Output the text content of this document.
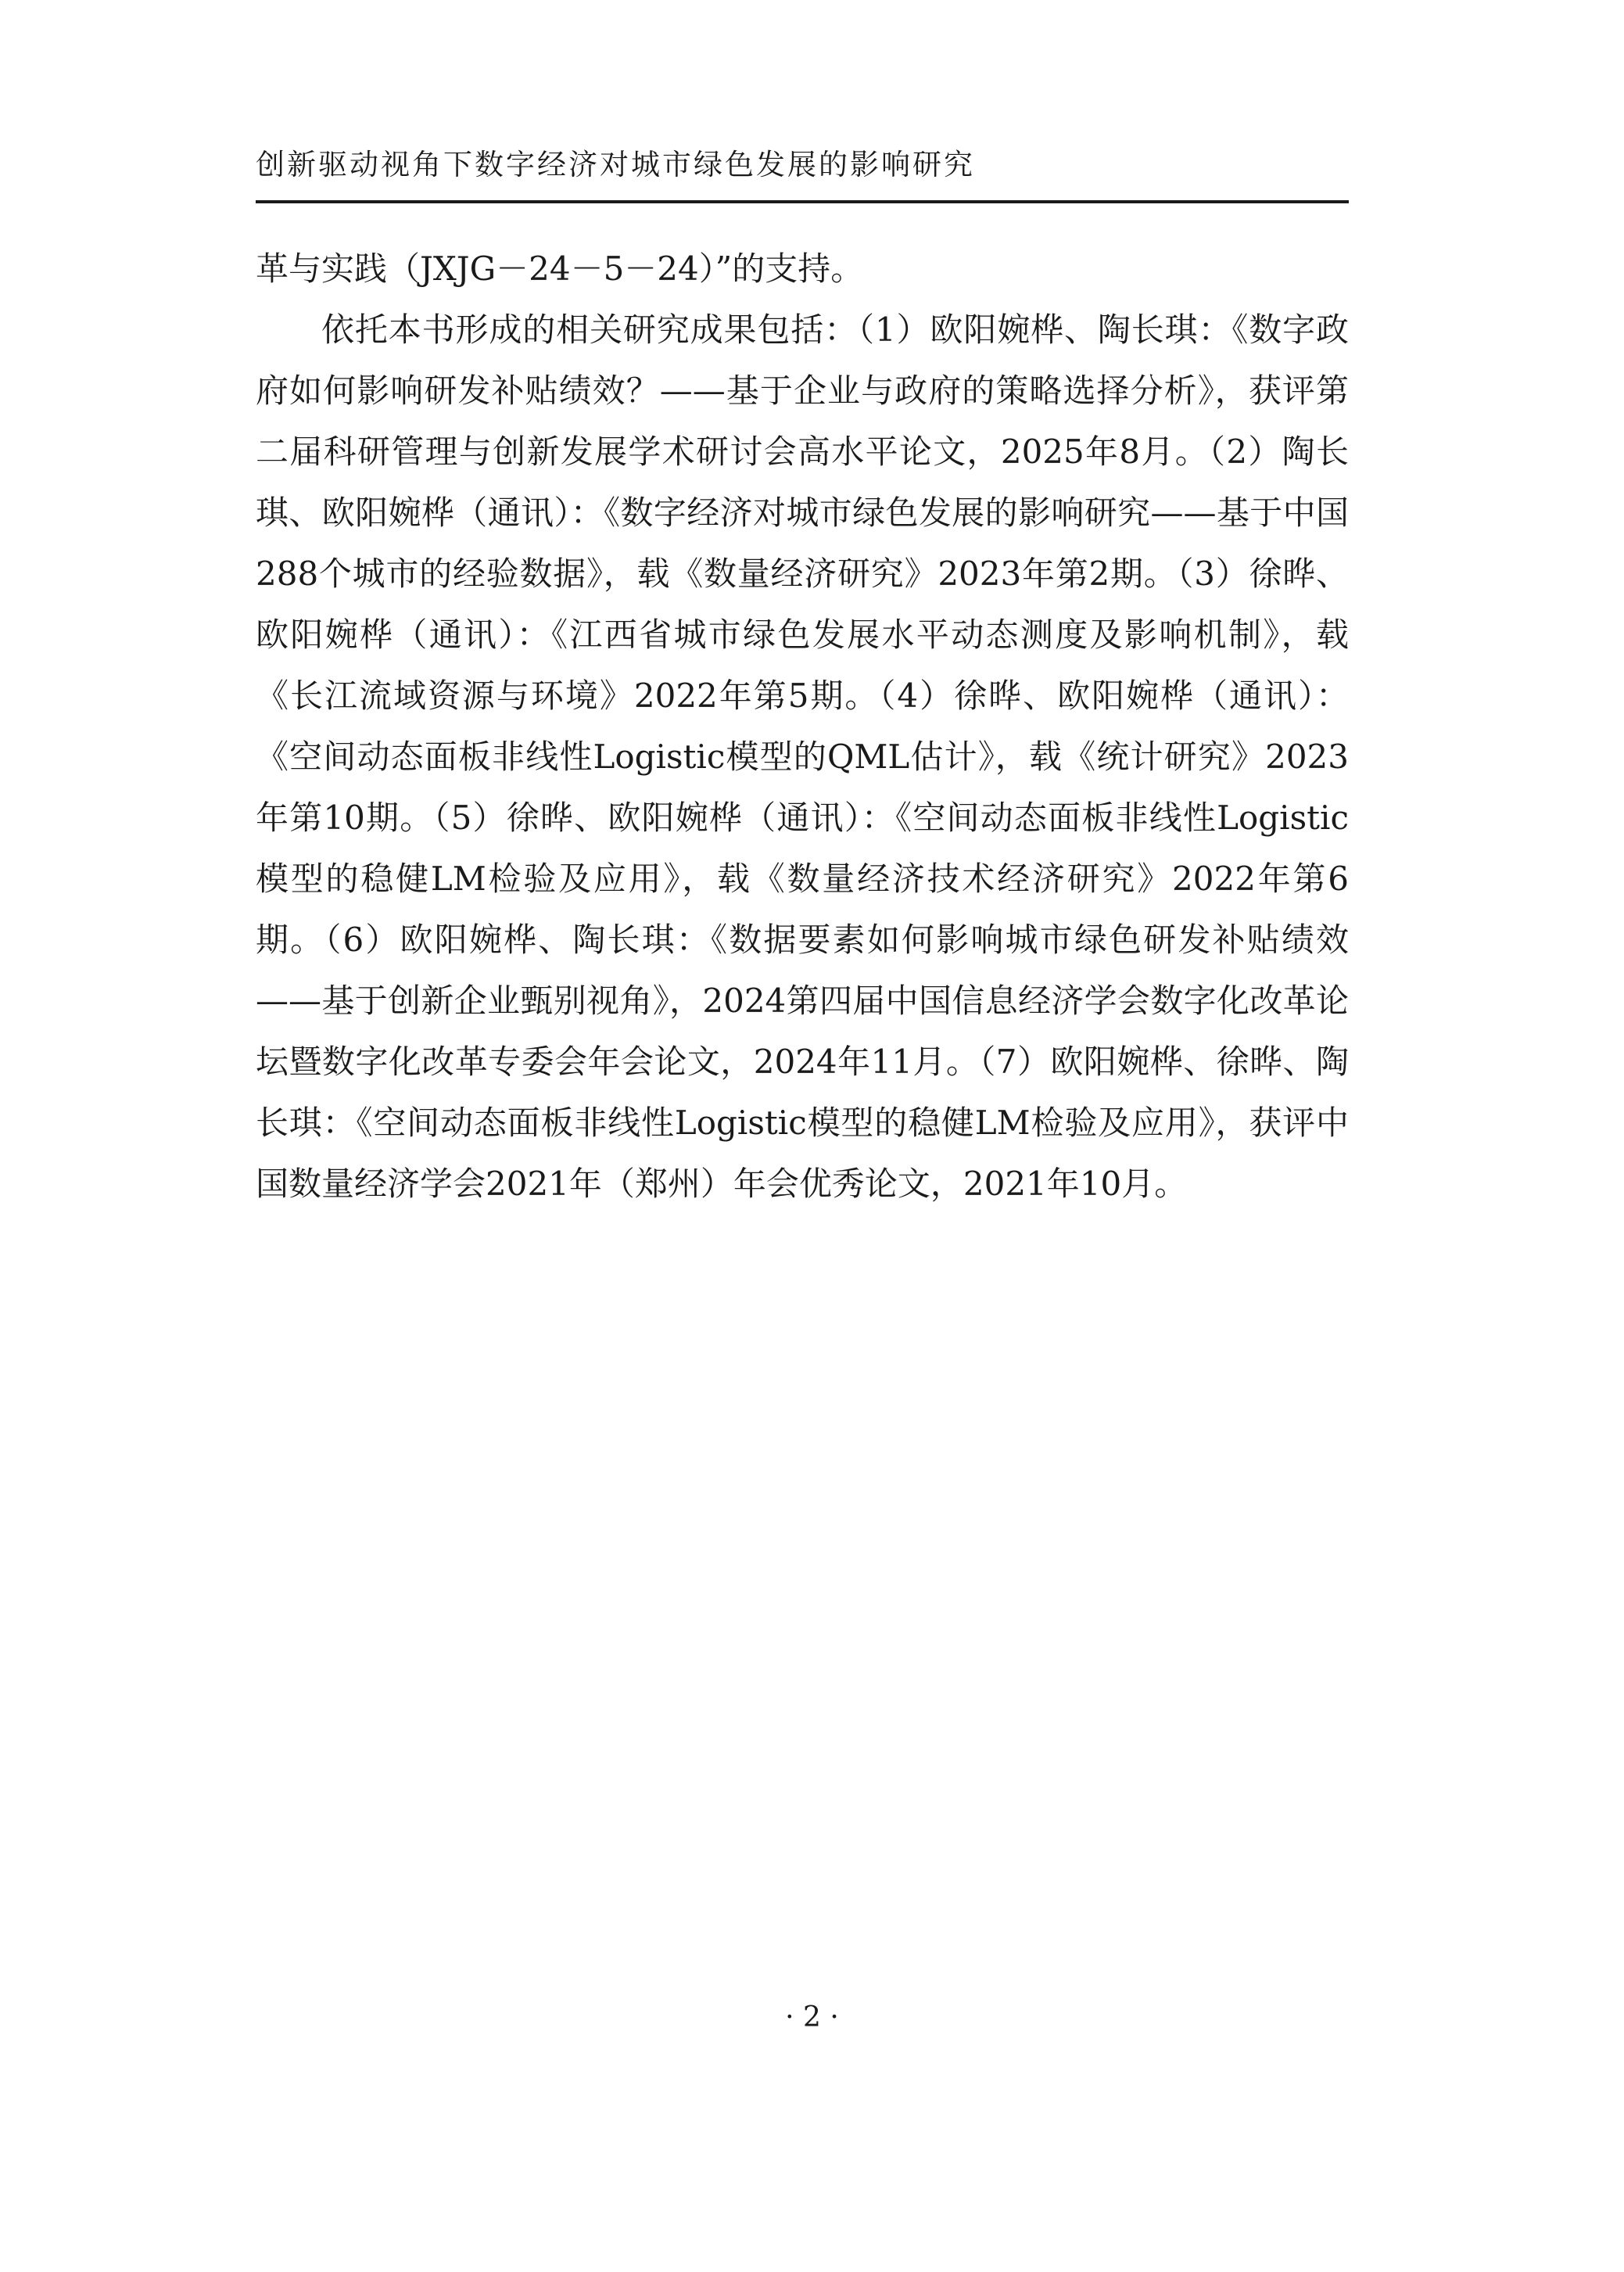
创新驱动视角下数字经济对城市绿色发展的影响研究

革与实践（JXJG－24－5－24）”的支持。

依托本书形成的相关研究成果包括：（1）欧阳婉桦、陶长琪：《数字政府如何影响研发补贴绩效？——基于企业与政府的策略选择分析》，获评第二届科研管理与创新发展学术研讨会高水平论文，2025年8月。（2）陶长琪、欧阳婉桦（通讯）：《数字经济对城市绿色发展的影响研究——基于中国288个城市的经验数据》，载《数量经济研究》2023年第2期。（3）徐晔、欧阳婉桦（通讯）：《江西省城市绿色发展水平动态测度及影响机制》，载《长江流域资源与环境》2022年第5期。（4）徐晔、欧阳婉桦（通讯）：《空间动态面板非线性Logistic模型的QML估计》，载《统计研究》2023年第10期。（5）徐晔、欧阳婉桦（通讯）：《空间动态面板非线性Logistic模型的稳健LM检验及应用》，载《数量经济技术经济研究》2022年第6期。（6）欧阳婉桦、陶长琪：《数据要素如何影响城市绿色研发补贴绩效——基于创新企业甄别视角》，2024第四届中国信息经济学会数字化改革论坛暨数字化改革专委会年会论文，2024年11月。（7）欧阳婉桦、徐晔、陶长琪：《空间动态面板非线性Logistic模型的稳健LM检验及应用》，获评中国数量经济学会2021年（郑州）年会优秀论文，2021年10月。

· 2 ·
